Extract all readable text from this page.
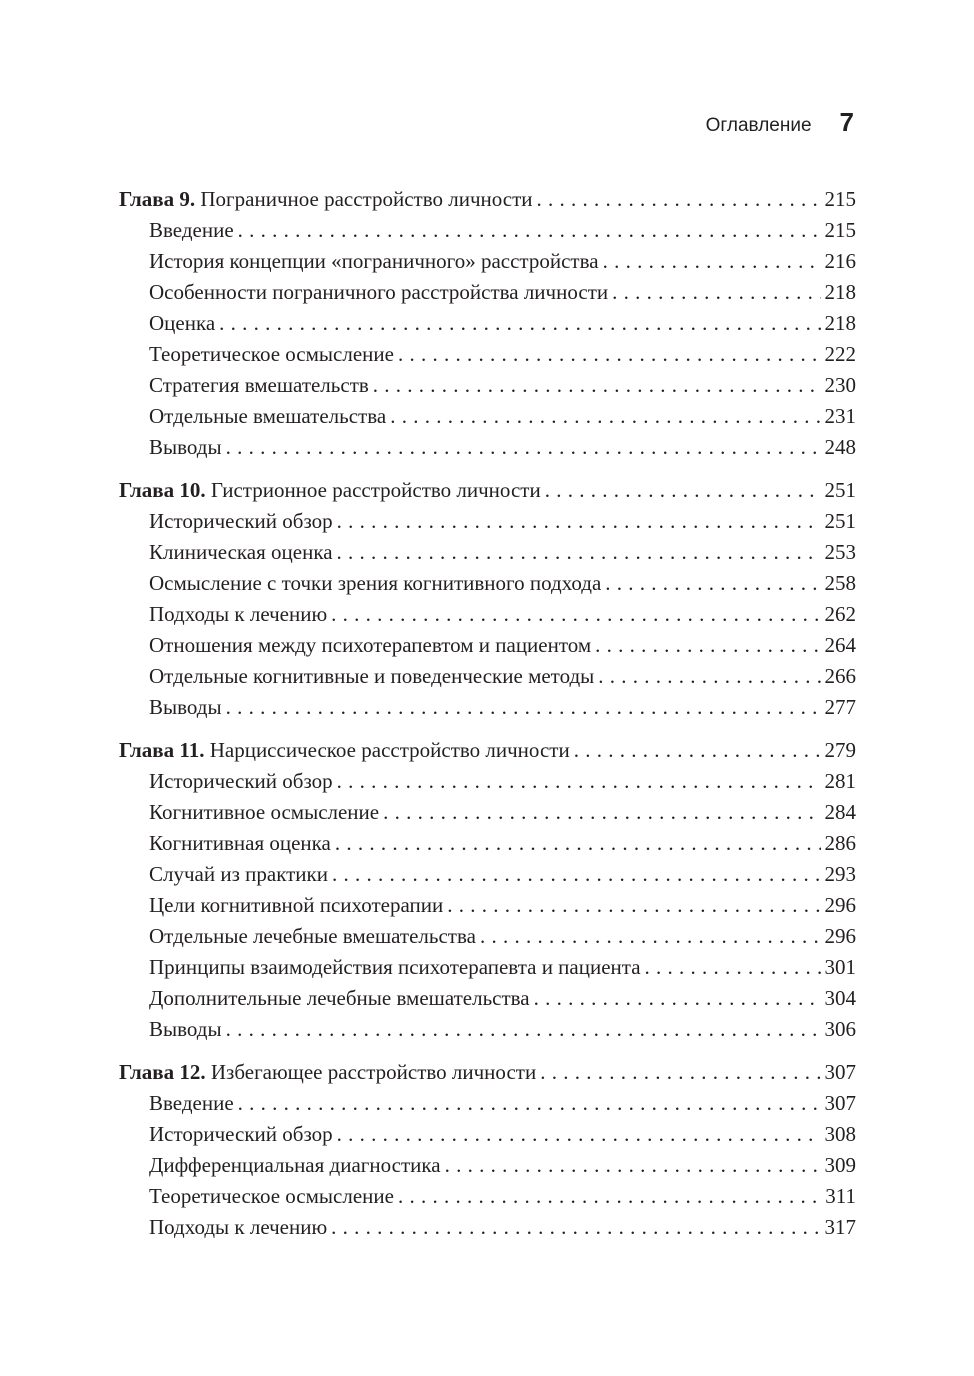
Оглавление 7
Глава 9. Пограничное расстройство личности . . .	215
Введение . . .	215
История концепции «пограничного» расстройства . . .	216
Особенности пограничного расстройства личности . . .	218
Оценка . . .	218
Теоретическое осмысление . . .	222
Стратегия вмешательств . . .	230
Отдельные вмешательства . . .	231
Выводы . . .	248
Глава 10. Гистрионное расстройство личности . . .	251
Исторический обзор . . .	251
Клиническая оценка . . .	253
Осмысление с точки зрения когнитивного подхода . . .	258
Подходы к лечению . . .	262
Отношения между психотерапевтом и пациентом . . .	264
Отдельные когнитивные и поведенческие методы . . .	266
Выводы . . .	277
Глава 11. Нарциссическое расстройство личности . . .	279
Исторический обзор . . .	281
Когнитивное осмысление . . .	284
Когнитивная оценка . . .	286
Случай из практики . . .	293
Цели когнитивной психотерапии . . .	296
Отдельные лечебные вмешательства . . .	296
Принципы взаимодействия психотерапевта и пациента . . .	301
Дополнительные лечебные вмешательства . . .	304
Выводы . . .	306
Глава 12. Избегающее расстройство личности . . .	307
Введение . . .	307
Исторический обзор . . .	308
Дифференциальная диагностика . . .	309
Теоретическое осмысление . . .	311
Подходы к лечению . . .	317
